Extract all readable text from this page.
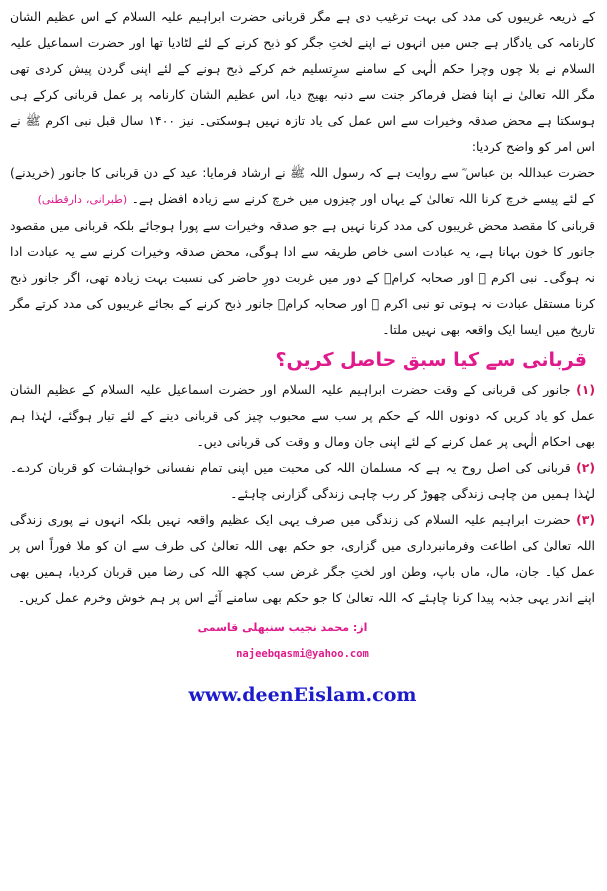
کے ذریعہ غریبوں کی مدد کی بہت ترغیب دی ہے مگر قربانی حضرت ابراہیم علیہ السلام کے اس عظیم الشان کارنامہ کی یادگار ہے جس میں انہوں نے اپنے لختِ جگر کو ذبح کرنے کے لئے لٹادیا تھا اور حضرت اسماعیل علیہ السلام نے بلا چوں وچرا حکم الٰہی کے سامنے سرِتسلیم خم کرکے ذبح ہونے کے لئے اپنی گردن پیش کردی تھی مگر اللہ تعالیٰ نے اپنا فضل فرماکر جنت سے دنبہ بھیج دیا، اس عظیم الشان کارنامہ پر عمل قربانی کرکے ہی ہوسکتا ہے محض صدقہ وخیرات سے اس عمل کی یاد تازہ نہیں ہوسکتی۔ نیز ۱۴۰۰ سال قبل نبی اکرم ﷺ نے اس امر کو واضح کردیا:

حضرت عبداللہ بن عباس ؓ سے روایت ہے کہ رسول اللہ ﷺ نے ارشاد فرمایا: عید کے دن قربانی کا جانور (خریدنے) کے لئے پیسے خرچ کرنا اللہ تعالیٰ کے یہاں اور چیزوں میں خرچ کرنے سے زیادہ افضل ہے۔ (طبرانی، دارقطنی)

قربانی کا مقصد محض غریبوں کی مدد کرنا نہیں ہے جو صدقہ وخیرات سے پورا ہوجائے بلکہ قربانی میں مقصود جانور کا خون بہانا ہے، یہ عبادت اسی خاص طریقہ سے ادا ہوگی، محض صدقہ وخیرات کرنے سے یہ عبادت ادا نہ ہوگی۔ نبی اکرم ﷺ اور صحابہ کرامؓ کے دور میں غربت دورِ حاضر کی نسبت بہت زیادہ تھی، اگر جانور ذبح کرنا مستقل عبادت نہ ہوتی تو نبی اکرم ﷺ اور صحابہ کرامؓ جانور ذبح کرنے کے بجائے غریبوں کی مدد کرتے مگر تاریخ میں ایسا ایک واقعہ بھی نہیں ملتا۔

قربانی سے کیا سبق حاصل کریں؟

(۱) جانور کی قربانی کے وقت حضرت ابراہیم علیہ السلام اور حضرت اسماعیل علیہ السلام کے عظیم الشان عمل کو یاد کریں کہ دونوں اللہ کے حکم پر سب سے محبوب چیز کی قربانی دینے کے لئے تیار ہوگئے، لہٰذا ہم بھی احکام الٰہی پر عمل کرنے کے لئے اپنی جان ومال و وقت کی قربانی دیں۔

(۲) قربانی کی اصل روح یہ ہے کہ مسلمان اللہ کی محبت میں اپنی تمام نفسانی خواہشات کو قربان کردے۔ لہٰذا ہمیں من چاہی زندگی چھوڑ کر رب چاہی زندگی گزارنی چاہئے۔

(۳) حضرت ابراہیم علیہ السلام کی زندگی میں صرف یہی ایک عظیم واقعہ نہیں بلکہ انہوں نے پوری زندگی اللہ تعالیٰ کی اطاعت وفرمانبرداری میں گزاری، جو حکم بھی اللہ تعالیٰ کی طرف سے ان کو ملا فوراً اس پر عمل کیا۔ جان، مال، ماں باپ، وطن اور لختِ جگر غرض سب کچھ اللہ کی رضا میں قربان کردیا، ہمیں بھی اپنے اندر یہی جذبہ پیدا کرنا چاہئے کہ اللہ تعالیٰ کا جو حکم بھی سامنے آئے اس پر ہم خوش وخرم عمل کریں۔

از: محمد نجیب سنبھلی قاسمی
najeebqasmi@yahoo.com
www.deenEislam.com
